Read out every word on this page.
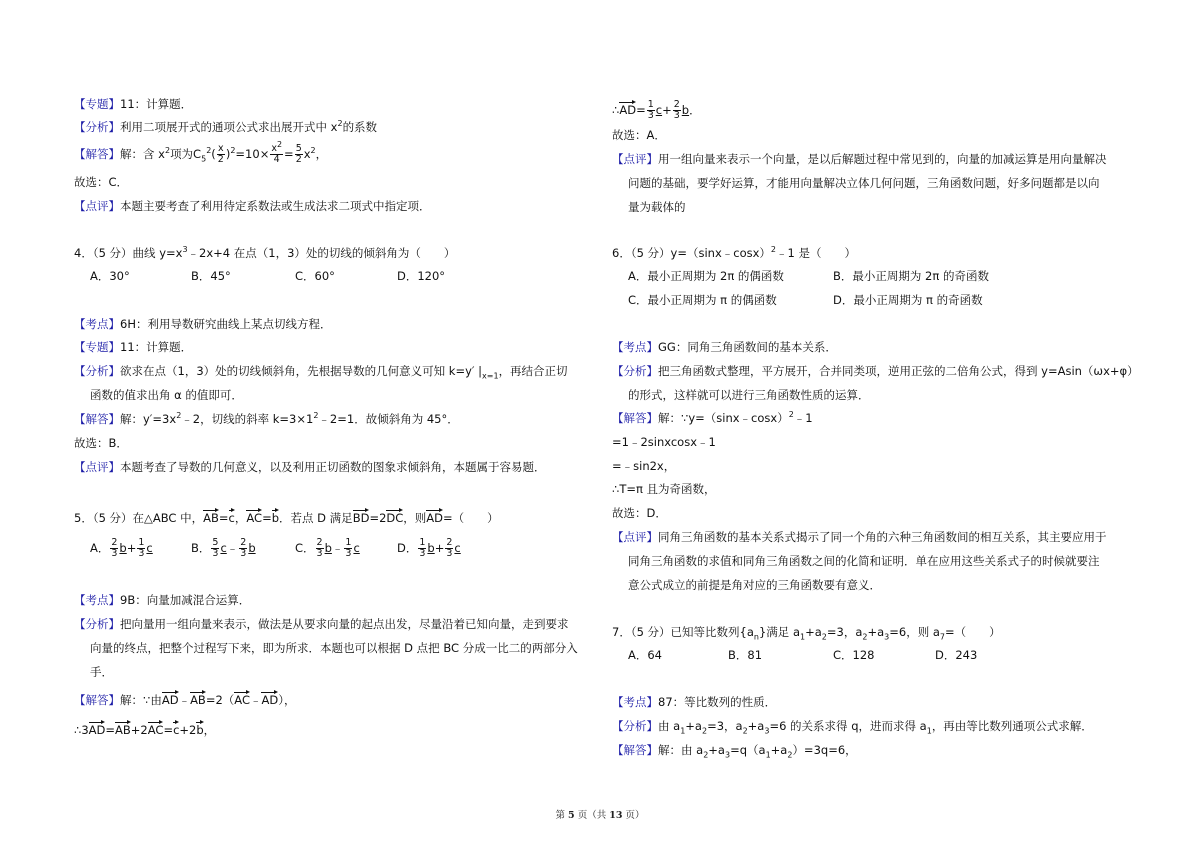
【专题】11：计算题．
【分析】利用二项展开式的通项公式求出展开式中 $x^2$的系数
【解答】解：含 $x^2$项为$C_5^2( \frac{x}{2} )^2=10\times \frac{x^2}{4} = \frac{5}{2} x^2$，
故选：C．
【点评】本题主要考查了利用待定系数法或生成法求二项式中指定项．
4．（5 分）曲线 $y=x^3﹣2x+4$ 在点（1，3）处的切线的倾斜角为（　　）
A．30°	B．45°	C．60°	D．120°
【考点】6H：利用导数研究曲线上某点切线方程．
【专题】11：计算题．
【分析】欲求在点（1，3）处的切线倾斜角，先根据导数的几何意义可知 k=y′ $|_{x=1}$，再结合正切
函数的值求出角 α 的值即可．
【解答】解：$y'=3x^2﹣2$，切线的斜率 $k=3\times 1^2﹣2=1$．故倾斜角为 45°．
故选：B．
【点评】本题考查了导数的几何意义，以及利用正切函数的图象求倾斜角，本题属于容易题．
5．（5 分）在△ABC 中，AB=c，AC=b．若点 D 满足BD=2DC，则AD=（　　）
A． $\frac{2}{3} b+ \frac{1}{3}$ c	B． $\frac{5}{3}$ c﹣ $\frac{2}{3}$ b	C． $\frac{2}{3}$ b﹣ $\frac{1}{3}$ c	D． $\frac{1}{3} b+ \frac{2}{3}$ c
【考点】9B：向量加减混合运算．
【分析】把向量用一组向量来表示，做法是从要求向量的起点出发，尽量沿着已知向量，走到要求
向量的终点，把整个过程写下来，即为所求．本题也可以根据 D 点把 BC 分成一比二的两部分入
手．
【解答】解：∵由AD﹣AB=2（AC﹣AD），
∴3AD=AB+2AC=c+2b，
∴AD= $\frac{1}{3} c+ \frac{2}{3}$ b．
故选：A．
【点评】用一组向量来表示一个向量，是以后解题过程中常见到的，向量的加减运算是用向量解决
问题的基础，要学好运算，才能用向量解决立体几何问题，三角函数问题，好多问题都是以向
量为载体的
6．（5 分）y=（sinx﹣cosx）$^2$﹣1 是（　　）
A．最小正周期为 2π 的偶函数	B．最小正周期为 2π 的奇函数
C．最小正周期为 π 的偶函数	D．最小正周期为 π 的奇函数
【考点】GG：同角三角函数间的基本关系．
【分析】把三角函数式整理，平方展开，合并同类项，逆用正弦的二倍角公式，得到 y=Asin（ωx+φ）
的形式，这样就可以进行三角函数性质的运算．
【解答】解：∵y=（sinx﹣cosx）$^2$﹣1
=1﹣2sinxcosx﹣1
=﹣sin2x，
∴T=π 且为奇函数，
故选：D．
【点评】同角三角函数的基本关系式揭示了同一个角的六种三角函数间的相互关系，其主要应用于
同角三角函数的求值和同角三角函数之间的化简和证明．单在应用这些关系式子的时候就要注
意公式成立的前提是角对应的三角函数要有意义．
7．（5 分）已知等比数列$\{a_n\}$满足 $a_1+a_2=3$，$a_2+a_3=6$，则 $a_7=$（　　）
A．64	B．81	C．128	D．243
【考点】87：等比数列的性质．
【分析】由 $a_1+a_2=3$，$a_2+a_3=6$ 的关系求得 q，进而求得 $a_1$，再由等比数列通项公式求解．
【解答】解：由 $a_2+a_3=q(a_1+a_2)=3q=6$，
第 5 页（共 13 页）
